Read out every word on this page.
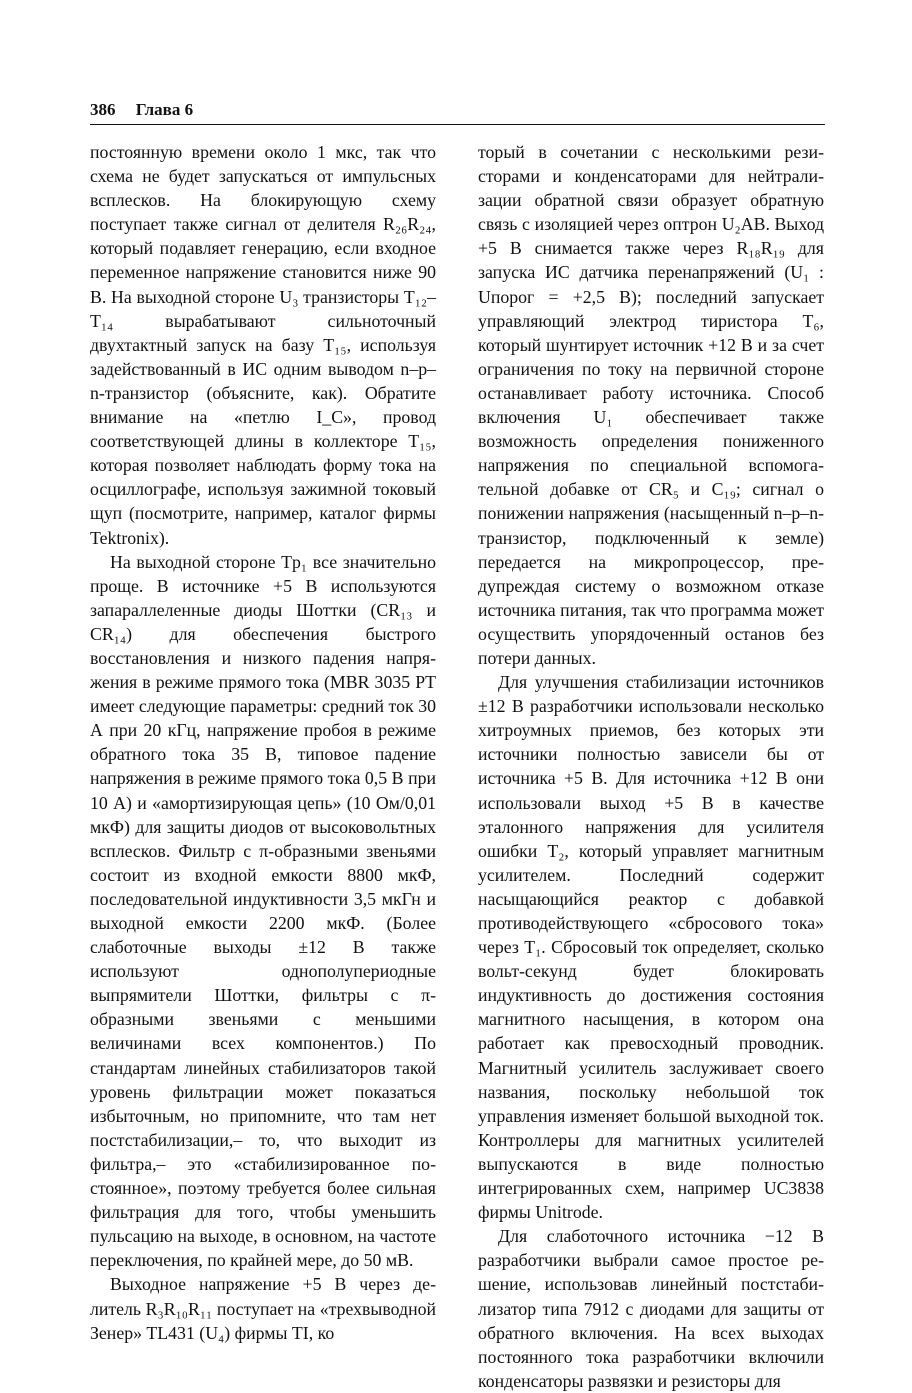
386 Глава 6

постоянную времени около 1 мкс, так что схема не будет запускаться от импульсных всплесков. На блокирующую схему поступает также сигнал от делителя R₂₆R₂₄, который подавляет генерацию, если входное переменное напряжение становится ниже 90 В. На выходной стороне U₃ транзисторы T₁₂–T₁₄ вырабатывают сильноточный двухтактный запуск на базу T₁₅, используя задействованный в ИС одним выводом n–p–n-транзистор (объясните, как). Обратите внимание на «петлю I_C», провод соответствующей длины в коллекторе T₁₅, которая позволяет наблюдать форму тока на осциллографе, используя зажимной токовый щуп (посмотрите, например, каталог фирмы Tektronix).

На выходной стороне Tp₁ все значительно проще. В источнике +5 В используются запараллеленные диоды Шоттки (CR₁₃ и CR₁₄) для обеспечения быстрого восстановления и низкого падения напряжения в режиме прямого тока (MBR 3035 PT имеет следующие параметры: средний ток 30 А при 20 кГц, напряжение пробоя в режиме обратного тока 35 В, типовое падение напряжения в режиме прямого тока 0,5 В при 10 А) и «амортизирующая цепь» (10 Ом/0,01 мкФ) для защиты диодов от высоковольтных всплесков. Фильтр с π-образными звеньями состоит из входной емкости 8800 мкФ, последовательной индуктивности 3,5 мкГн и выходной емкости 2200 мкФ. (Более слаботочные выходы ±12 В также используют однополупериодные выпрямители Шоттки, фильтры с π-образными звеньями с меньшими величинами всех компонентов.) По стандартам линейных стабилизаторов такой уровень фильтрации может показаться избыточным, но припомните, что там нет постстабилизации,– то, что выходит из фильтра,– это «стабилизированное постоянное», поэтому требуется более сильная фильтрация для того, чтобы уменьшить пульсацию на выходе, в основном, на частоте переключения, по крайней мере, до 50 мВ.

Выходное напряжение +5 В через делитель R₃R₁₀R₁₁ поступает на «трехвыводной Зенер» TL431 (U₄) фирмы TI, ко

торый в сочетании с несколькими резисторами и конденсаторами для нейтрализации обратной связи образует обратную связь с изоляцией через оптрон U₂AB. Выход +5 В снимается также через R₁₈R₁₉ для запуска ИС датчика перенапряжений (U₁ : Uпорог = +2,5 В); последний запускает управляющий электрод тиристора T₆, который шунтирует источник +12 В и за счет ограничения по току на первичной стороне останавливает работу источника. Способ включения U₁ обеспечивает также возможность определения пониженного напряжения по специальной вспомогательной добавке от CR₅ и C₁₉; сигнал о понижении напряжения (насыщенный n–p–n-транзистор, подключенный к земле) передается на микропроцессор, предупреждая систему о возможном отказе источника питания, так что программа может осуществить упорядоченный останов без потери данных.

Для улучшения стабилизации источников ±12 В разработчики использовали несколько хитроумных приемов, без которых эти источники полностью зависели бы от источника +5 В. Для источника +12 В они использовали выход +5 В в качестве эталонного напряжения для усилителя ошибки T₂, который управляет магнитным усилителем. Последний содержит насыщающийся реактор с добавкой противодействующего «сбросового тока» через T₁. Сбросовый ток определяет, сколько вольт-секунд будет блокировать индуктивность до достижения состояния магнитного насыщения, в котором она работает как превосходный проводник. Магнитный усилитель заслуживает своего названия, поскольку небольшой ток управления изменяет большой выходной ток. Контроллеры для магнитных усилителей выпускаются в виде полностью интегрированных схем, например UC3838 фирмы Unitrode.

Для слаботочного источника −12 В разработчики выбрали самое простое решение, использовав линейный постстабилизатор типа 7912 с диодами для защиты от обратного включения. На всех выходах постоянного тока разработчики включили конденсаторы развязки и резисторы для
